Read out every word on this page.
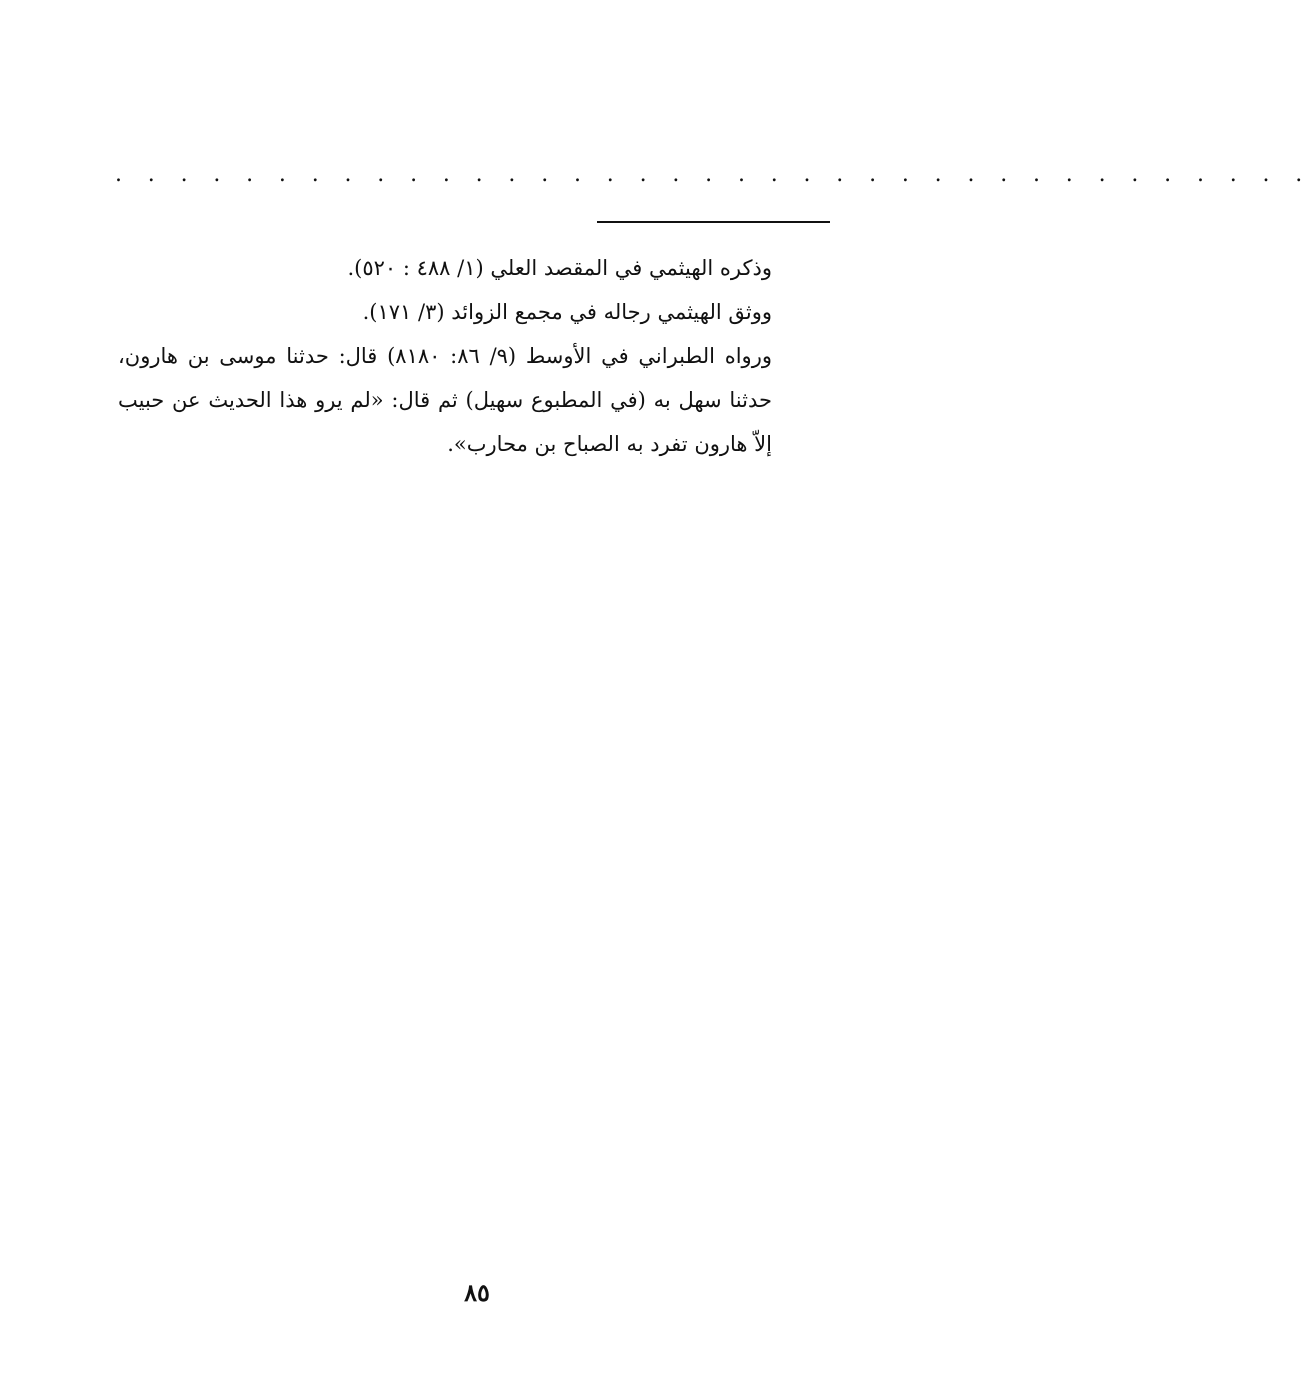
. . . . . . . . . . . . . . . . . . . . . . . . . . . . . . . . . . . . .

وذكره الهيثمي في المقصد العلي (١/ ٤٨٨ : ٥٢٠).

ووثق الهيثمي رجاله في مجمع الزوائد (٣/ ١٧١).

ورواه الطبراني في الأوسط (٩/ ٨٦: ٨١٨٠) قال: حدثنا موسى بن هارون، حدثنا سهل به (في المطبوع سهيل) ثم قال: «لم يرو هذا الحديث عن حبيب إلاّ هارون تفرد به الصباح بن محارب».

٨٥
